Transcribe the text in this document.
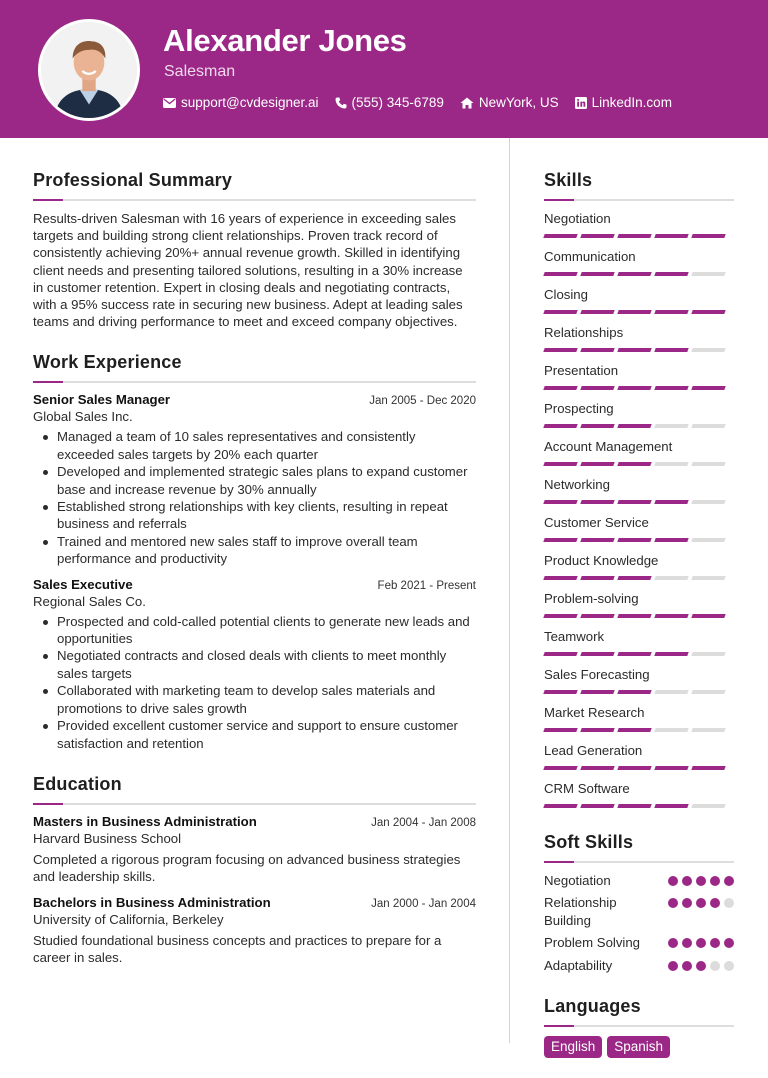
Alexander Jones
Salesman
support@cvdesigner.ai (555) 345-6789	NewYork, US LinkedIn.com
Professional Summary
Results-driven Salesman with 16 years of experience in exceeding sales targets and building strong client relationships. Proven track record of consistently achieving 20%+ annual revenue growth. Skilled in identifying client needs and presenting tailored solutions, resulting in a 30% increase in customer retention. Expert in closing deals and negotiating contracts, with a 95% success rate in securing new business. Adept at leading sales teams and driving performance to meet and exceed company objectives.
Work Experience
Senior Sales Manager	Jan 2005 - Dec 2020
Global Sales Inc.
Managed a team of 10 sales representatives and consistently exceeded sales targets by 20% each quarter
Developed and implemented strategic sales plans to expand customer base and increase revenue by 30% annually
Established strong relationships with key clients, resulting in repeat business and referrals
Trained and mentored new sales staff to improve overall team performance and productivity
Sales Executive	Feb 2021 - Present
Regional Sales Co.
Prospected and cold-called potential clients to generate new leads and opportunities
Negotiated contracts and closed deals with clients to meet monthly sales targets
Collaborated with marketing team to develop sales materials and promotions to drive sales growth
Provided excellent customer service and support to ensure customer satisfaction and retention
Education
Masters in Business Administration	Jan 2004 - Jan 2008
Harvard Business School
Completed a rigorous program focusing on advanced business strategies and leadership skills.
Bachelors in Business Administration	Jan 2000 - Jan 2004
University of California, Berkeley
Studied foundational business concepts and practices to prepare for a career in sales.
Skills
Negotiation
Communication
Closing
Relationships
Presentation
Prospecting
Account Management
Networking
Customer Service
Product Knowledge
Problem-solving
Teamwork
Sales Forecasting
Market Research
Lead Generation
CRM Software
Soft Skills
Negotiation
Relationship Building
Problem Solving
Adaptability
Languages
English	Spanish
